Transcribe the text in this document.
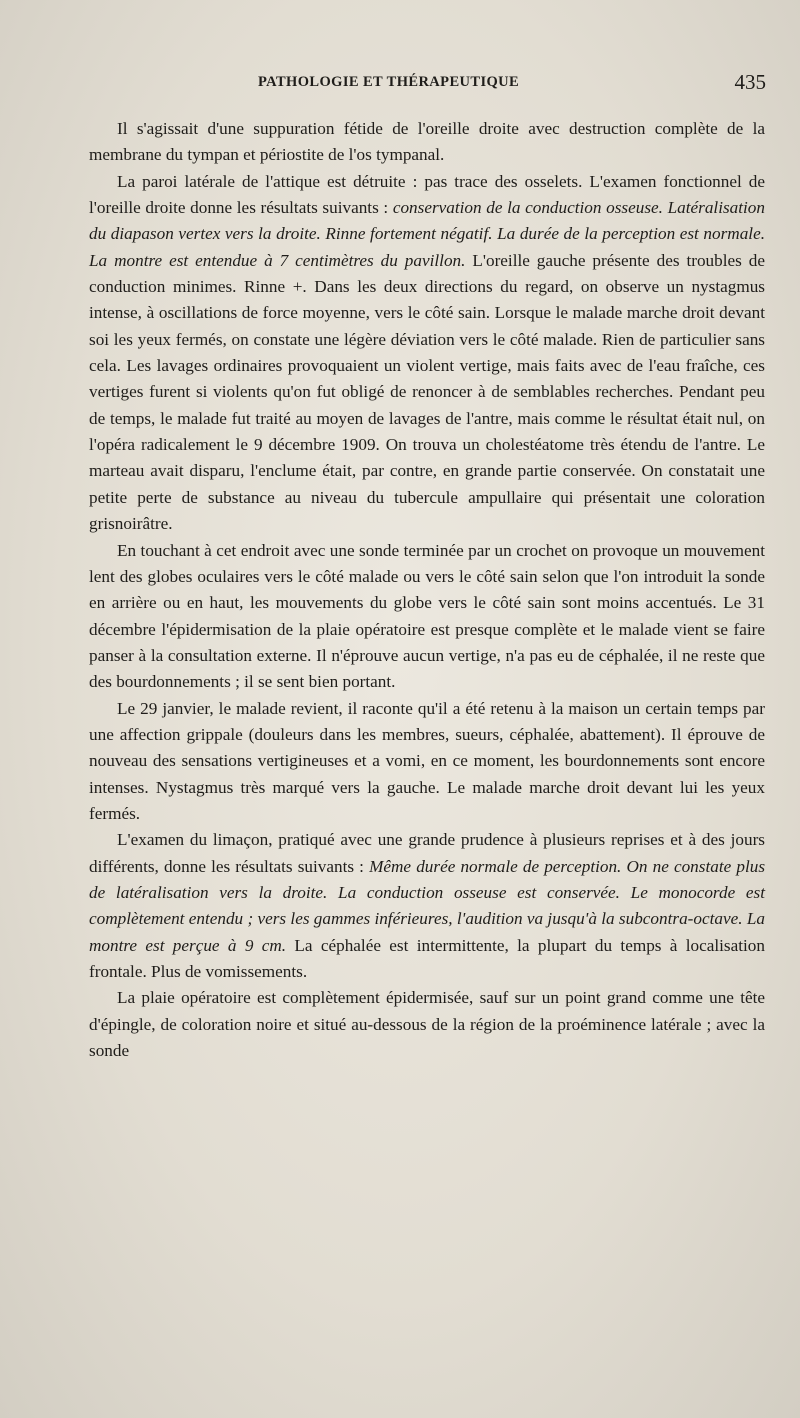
PATHOLOGIE ET THÉRAPEUTIQUE	435

Il s'agissait d'une suppuration fétide de l'oreille droite avec destruction complète de la membrane du tympan et périostite de l'os tympanal.

La paroi latérale de l'attique est détruite : pas trace des osselets. L'examen fonctionnel de l'oreille droite donne les résultats suivants : conservation de la conduction osseuse. Latéralisation du diapason vertex vers la droite. Rinne fortement négatif. La durée de la perception est normale. La montre est entendue à 7 centimètres du pavillon. L'oreille gauche présente des troubles de conduction minimes. Rinne +. Dans les deux directions du regard, on observe un nystagmus intense, à oscillations de force moyenne, vers le côté sain. Lorsque le malade marche droit devant soi les yeux fermés, on constate une légère déviation vers le côté malade. Rien de particulier sans cela. Les lavages ordinaires provoquaient un violent vertige, mais faits avec de l'eau fraîche, ces vertiges furent si violents qu'on fut obligé de renoncer à de semblables recherches. Pendant peu de temps, le malade fut traité au moyen de lavages de l'antre, mais comme le résultat était nul, on l'opéra radicalement le 9 décembre 1909. On trouva un cholestéatome très étendu de l'antre. Le marteau avait disparu, l'enclume était, par contre, en grande partie conservée. On constatait une petite perte de substance au niveau du tubercule ampullaire qui présentait une coloration grisnoirâtre.

En touchant à cet endroit avec une sonde terminée par un crochet on provoque un mouvement lent des globes oculaires vers le côté malade ou vers le côté sain selon que l'on introduit la sonde en arrière ou en haut, les mouvements du globe vers le côté sain sont moins accentués. Le 31 décembre l'épidermisation de la plaie opératoire est presque complète et le malade vient se faire panser à la consultation externe. Il n'éprouve aucun vertige, n'a pas eu de céphalée, il ne reste que des bourdonnements ; il se sent bien portant.

Le 29 janvier, le malade revient, il raconte qu'il a été retenu à la maison un certain temps par une affection grippale (douleurs dans les membres, sueurs, céphalée, abattement). Il éprouve de nouveau des sensations vertigineuses et a vomi, en ce moment, les bourdonnements sont encore intenses. Nystagmus très marqué vers la gauche. Le malade marche droit devant lui les yeux fermés.

L'examen du limaçon, pratiqué avec une grande prudence à plusieurs reprises et à des jours différents, donne les résultats suivants : Même durée normale de perception. On ne constate plus de latéralisation vers la droite. La conduction osseuse est conservée. Le monocorde est complètement entendu ; vers les gammes inférieures, l'audition va jusqu'à la subcontra-octave. La montre est perçue à 9 cm. La céphalée est intermittente, la plupart du temps à localisation frontale. Plus de vomissements.

La plaie opératoire est complètement épidermisée, sauf sur un point grand comme une tête d'épingle, de coloration noire et situé au-dessous de la région de la proéminence latérale ; avec la sonde
